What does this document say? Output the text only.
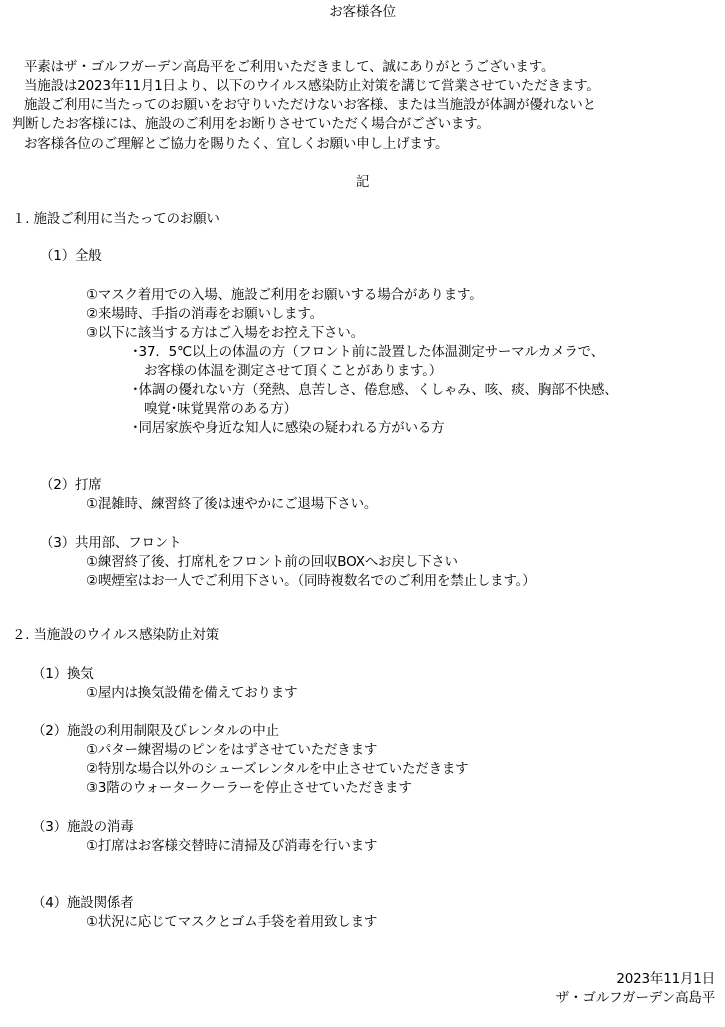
お客様各位

平素はザ・ゴルフガーデン高島平をご利用いただきまして、誠にありがとうございます。

当施設は2023年11月1日より、以下のウイルス感染防止対策を講じて営業させていただきます。

施設ご利用に当たってのお願いをお守りいただけないお客様、または当施設が体調が優れないと

判断したお客様には、施設のご利用をお断りさせていただく場合がございます。

お客様各位のご理解とご協力を賜りたく、宜しくお願い申し上げます。

記

１. 施設ご利用に当たってのお願い

（1）全般

①マスク着用での入場、施設ご利用をお願いする場合があります。

②来場時、手指の消毒をお願いします。

③以下に該当する方はご入場をお控え下さい。

･37．5℃以上の体温の方（フロント前に設置した体温測定サーマルカメラで、

お客様の体温を測定させて頂くことがあります。）

･体調の優れない方（発熱、息苦しさ、倦怠感、くしゃみ、咳、痰、胸部不快感、

嗅覚･味覚異常のある方）

･同居家族や身近な知人に感染の疑われる方がいる方

（2）打席

①混雑時、練習終了後は速やかにご退場下さい。

（3）共用部、フロント

①練習終了後、打席札をフロント前の回収BOXへお戻し下さい

②喫煙室はお一人でご利用下さい。（同時複数名でのご利用を禁止します。）

２. 当施設のウイルス感染防止対策

（1）換気

①屋内は換気設備を備えております

（2）施設の利用制限及びレンタルの中止

①パター練習場のピンをはずさせていただきます

②特別な場合以外のシューズレンタルを中止させていただきます

③3階のウォータークーラーを停止させていただきます

（3）施設の消毒

①打席はお客様交替時に清掃及び消毒を行います

（4）施設関係者

①状況に応じてマスクとゴム手袋を着用致します

2023年11月1日

ザ・ゴルフガーデン高島平
